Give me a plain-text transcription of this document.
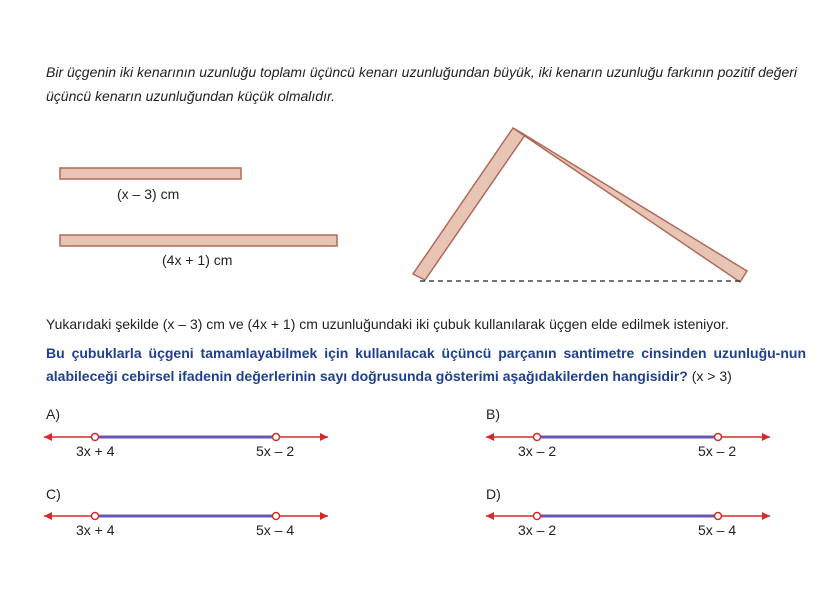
Bir üçgenin iki kenarının uzunluğu toplamı üçüncü kenarı uzunluğundan büyük, iki kenarın uzunluğu farkının pozitif değeri üçüncü kenarın uzunluğundan küçük olmalıdır.
(x – 3) cm
(4x + 1) cm
Yukarıdaki şekilde (x – 3) cm ve (4x + 1) cm uzunluğundaki iki çubuk kullanılarak üçgen elde edilmek isteniyor.
Bu çubuklarla üçgeni tamamlayabilmek için kullanılacak üçüncü parçanın santimetre cinsinden uzunluğu-nun alabileceği cebirsel ifadenin değerlerinin sayı doğrusunda gösterimi aşağıdakilerden hangisidir? (x > 3)
A)
3x + 4	5x – 2
B)
3x – 2	5x – 2
C)
3x + 4	5x – 4
D)
3x – 2	5x – 4
